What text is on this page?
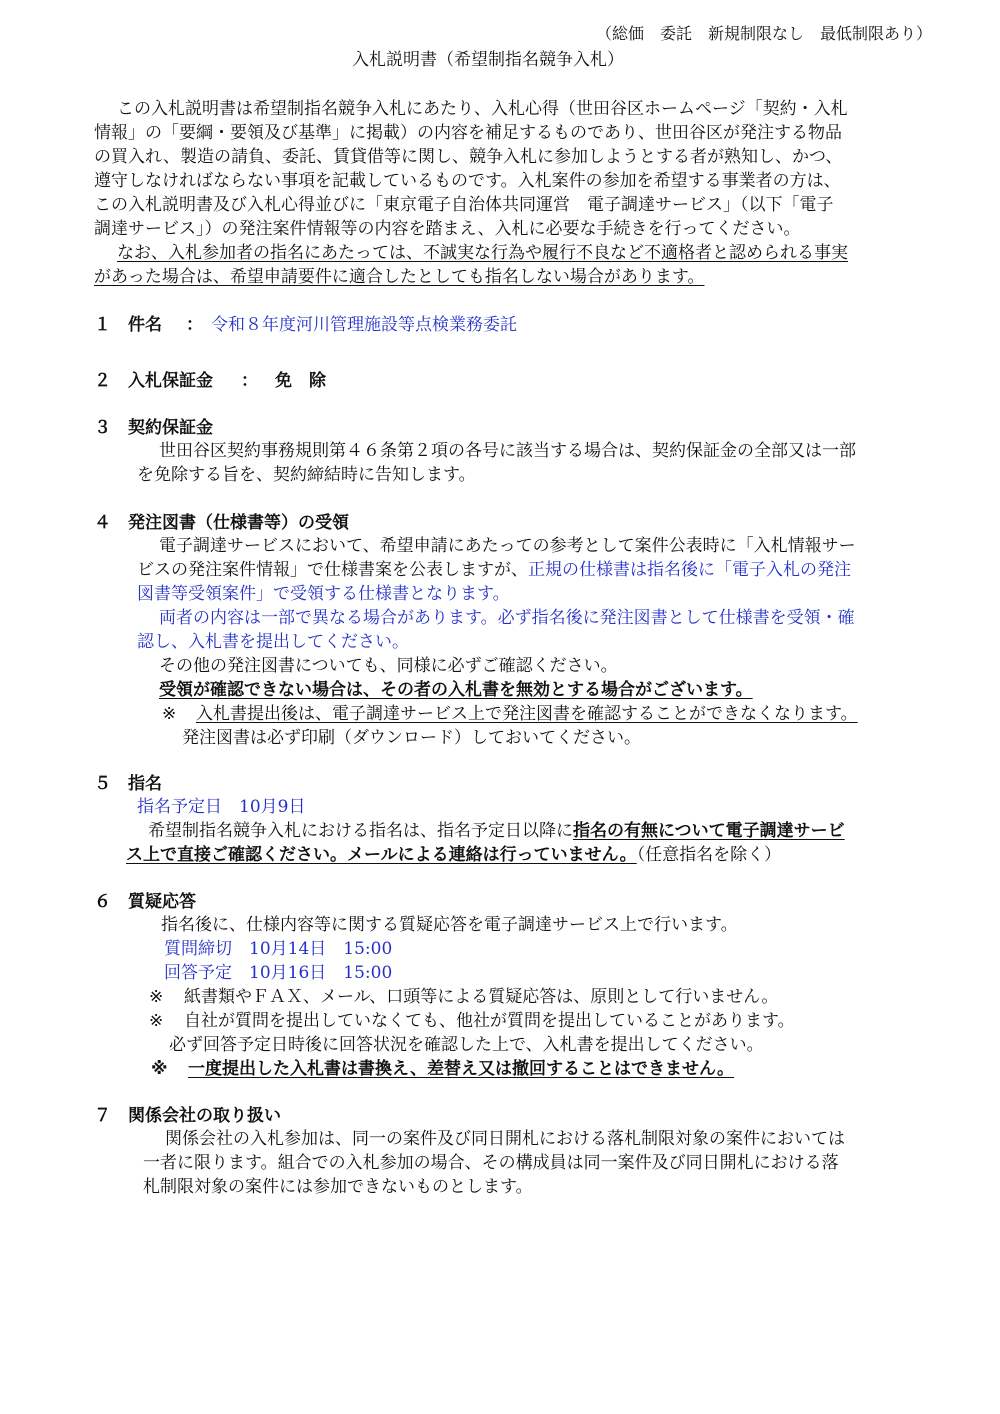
（総価　委託　新規制限なし　最低制限あり）
入札説明書（希望制指名競争入札）
この入札説明書は希望制指名競争入札にあたり、入札心得（世田谷区ホームページ「契約・入札
情報」の「要綱・要領及び基準」に掲載）の内容を補足するものであり、世田谷区が発注する物品
の買入れ、製造の請負、委託、賃貸借等に関し、競争入札に参加しようとする者が熟知し、かつ、
遵守しなければならない事項を記載しているものです。入札案件の参加を希望する事業者の方は、
この入札説明書及び入札心得並びに「東京電子自治体共同運営　電子調達サービス」（以下「電子
調達サービス」）の発注案件情報等の内容を踏まえ、入札に必要な手続きを行ってください。
なお、入札参加者の指名にあたっては、不誠実な行為や履行不良など不適格者と認められる事実
があった場合は、希望申請要件に適合したとしても指名しない場合があります。
１ 件名 ： 令和８年度河川管理施設等点検業務委託
２ 入札保証金 ： 免　除
３ 契約保証金
世田谷区契約事務規則第４６条第２項の各号に該当する場合は、契約保証金の全部又は一部
を免除する旨を、契約締結時に告知します。
４ 発注図書（仕様書等）の受領
電子調達サービスにおいて、希望申請にあたっての参考として案件公表時に「入札情報サー
ビスの発注案件情報」で仕様書案を公表しますが、正規の仕様書は指名後に「電子入札の発注
図書等受領案件」で受領する仕様書となります。
両者の内容は一部で異なる場合があります。必ず指名後に発注図書として仕様書を受領・確
認し、入札書を提出してください。
その他の発注図書についても、同様に必ずご確認ください。
受領が確認できない場合は、その者の入札書を無効とする場合がございます。
※ 入札書提出後は、電子調達サービス上で発注図書を確認することができなくなります。
発注図書は必ず印刷（ダウンロード）しておいてください。
５ 指名
指名予定日　10月9日
希望制指名競争入札における指名は、指名予定日以降に指名の有無について電子調達サービ
ス上で直接ご確認ください。メールによる連絡は行っていません。（任意指名を除く）
６ 質疑応答
指名後に、仕様内容等に関する質疑応答を電子調達サービス上で行います。
質問締切　10月14日　15:00
回答予定　10月16日　15:00
※ 紙書類やＦＡＸ、メール、口頭等による質疑応答は、原則として行いません。
※ 自社が質問を提出していなくても、他社が質問を提出していることがあります。
必ず回答予定日時後に回答状況を確認した上で、入札書を提出してください。
※ 一度提出した入札書は書換え、差替え又は撤回することはできません。
７ 関係会社の取り扱い
関係会社の入札参加は、同一の案件及び同日開札における落札制限対象の案件においては
一者に限ります。組合での入札参加の場合、その構成員は同一案件及び同日開札における落
札制限対象の案件には参加できないものとします。
